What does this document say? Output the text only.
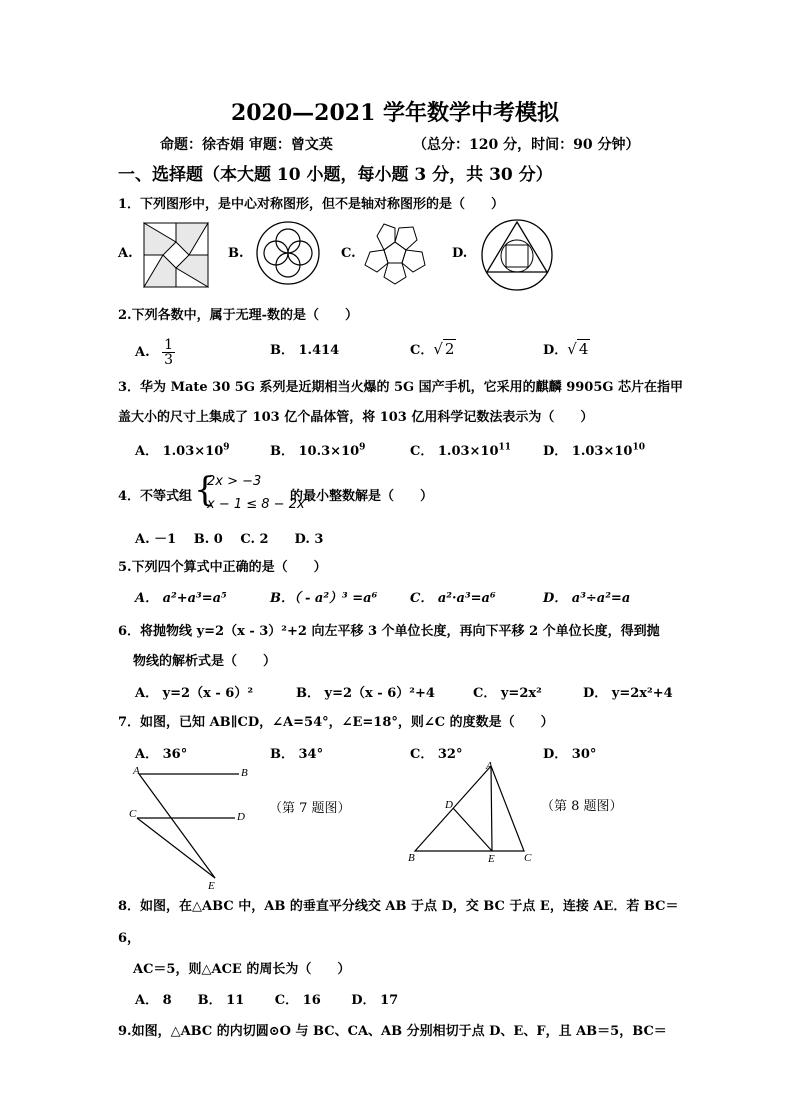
2020—2021 学年数学中考模拟
命题：徐杏娟 审题：曾文英	（总分：120 分，时间：90 分钟）
一、选择题（本大题 10 小题，每小题 3 分，共 30 分）
1．下列图形中，是中心对称图形，但不是轴对称图形的是（　　）
A.	B.	C.	D.
2.下列各数中，属于无理-数的是（　　）
A. $\frac{1}{3}$	B． 1.414	C．√ 2	D．√ 4
3．华为 Mate 30 5G 系列是近期相当火爆的 5G 国产手机，它采用的麒麟 9905G 芯片在指甲
盖大小的尺寸上集成了 103 亿个晶体管，将 103 亿用科学记数法表示为（　　）
A． $1.03\times 10^9$	B． $10.3\times 10^9$	C． $1.03\times 10^{11}$ D． $1.03\times 10^{10}$
4．不等式组 {
2x > −3
x − 1 ≤ 8 − 2x
的最小整数解是（　　）
A. －1　 B. 0　 C. 2　　D. 3
5.下列四个算式中正确的是（　　）
A． a²+a³=a⁵	B．（ - a²）³ =a⁶	C． a²·a³=a⁶	D． a³÷a²=a
6．将抛物线 y=2（x - 3）²+2 向左平移 3 个单位长度，再向下平移 2 个单位长度，得到抛
物线的解析式是（　　）
A． y=2（x - 6）²	B． y=2（x - 6）²+4	C． y=2x²	D． y=2x²+4
7．如图，已知 AB∥CD，∠A=54°，∠E=18°，则∠C 的度数是（　　）
A． 36°	B． 34°	C． 32°	D． 30°
A	B
C	D
E
（第 7 题图）
A
B	C
D
E
（第 8 题图）
8．如图，在△ABC 中，AB 的垂直平分线交 AB 于点 D，交 BC 于点 E，连接 AE．若 BC＝
6，
AC＝5，则△ACE 的周长为（　　）
A． 8　　B． 11　　 C． 16　　 D． 17
9.如图，△ABC 的内切圆⊙O 与 BC、CA、AB 分别相切于点 D、E、F，且 AB＝5，BC＝
